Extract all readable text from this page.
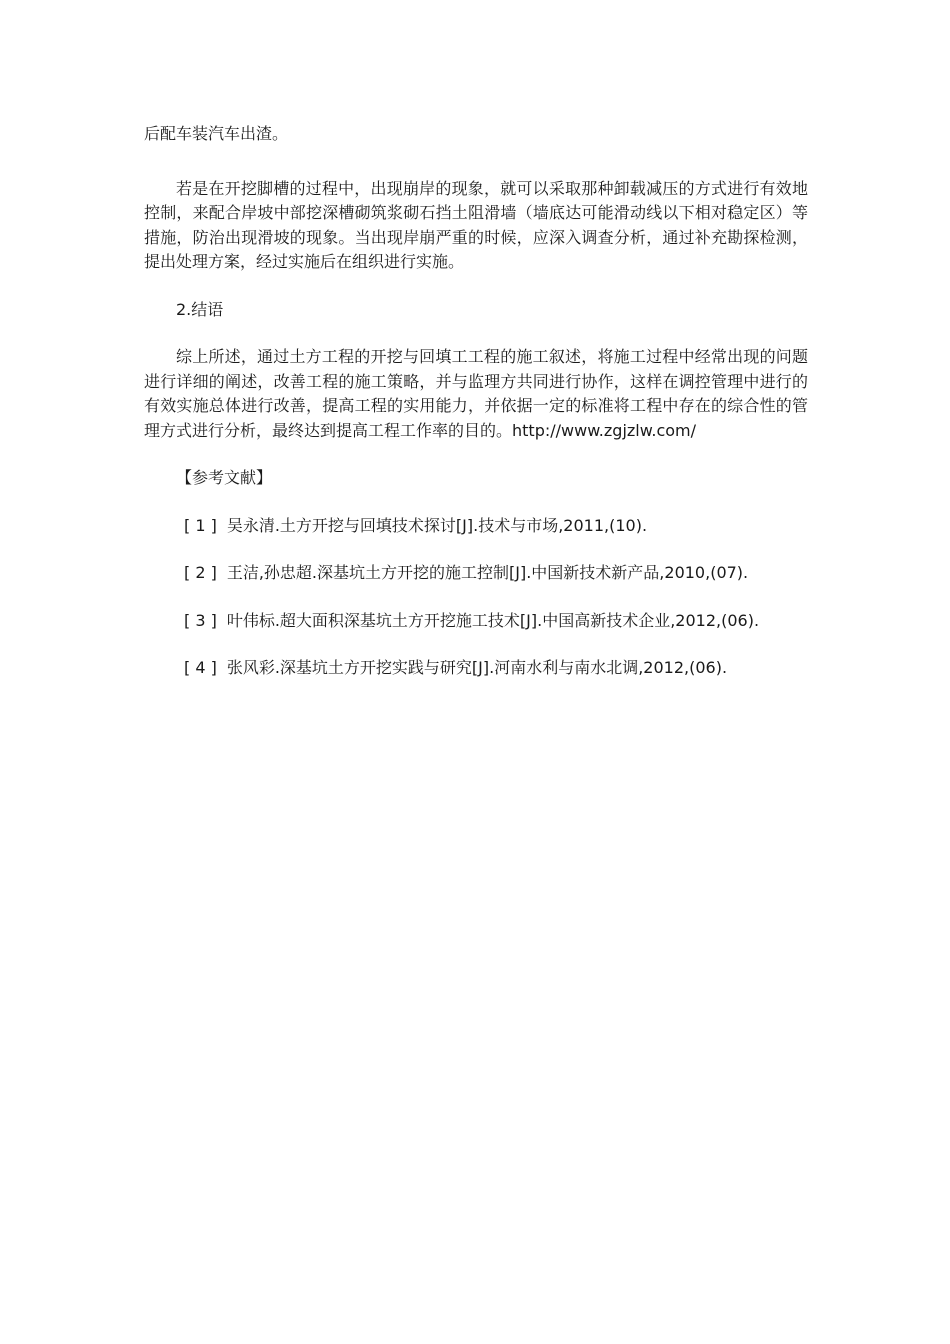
后配车装汽车出渣。

若是在开挖脚槽的过程中，出现崩岸的现象，就可以采取那种卸载减压的方式进行有效地控制，来配合岸坡中部挖深槽砌筑浆砌石挡土阻滑墙（墙底达可能滑动线以下相对稳定区）等措施，防治出现滑坡的现象。当出现岸崩严重的时候，应深入调查分析，通过补充勘探检测，提出处理方案，经过实施后在组织进行实施。

2.结语

综上所述，通过土方工程的开挖与回填工工程的施工叙述，将施工过程中经常出现的问题进行详细的阐述，改善工程的施工策略，并与监理方共同进行协作，这样在调控管理中进行的有效实施总体进行改善，提高工程的实用能力，并依据一定的标准将工程中存在的综合性的管理方式进行分析，最终达到提高工程工作率的目的。http://www.zgjzlw.com/

【参考文献】

[ 1 ] 吴永清.土方开挖与回填技术探讨[J].技术与市场,2011,(10).

[ 2 ] 王洁,孙忠超.深基坑土方开挖的施工控制[J].中国新技术新产品,2010,(07).

[ 3 ] 叶伟标.超大面积深基坑土方开挖施工技术[J].中国高新技术企业,2012,(06).

[ 4 ] 张风彩.深基坑土方开挖实践与研究[J].河南水利与南水北调,2012,(06).
